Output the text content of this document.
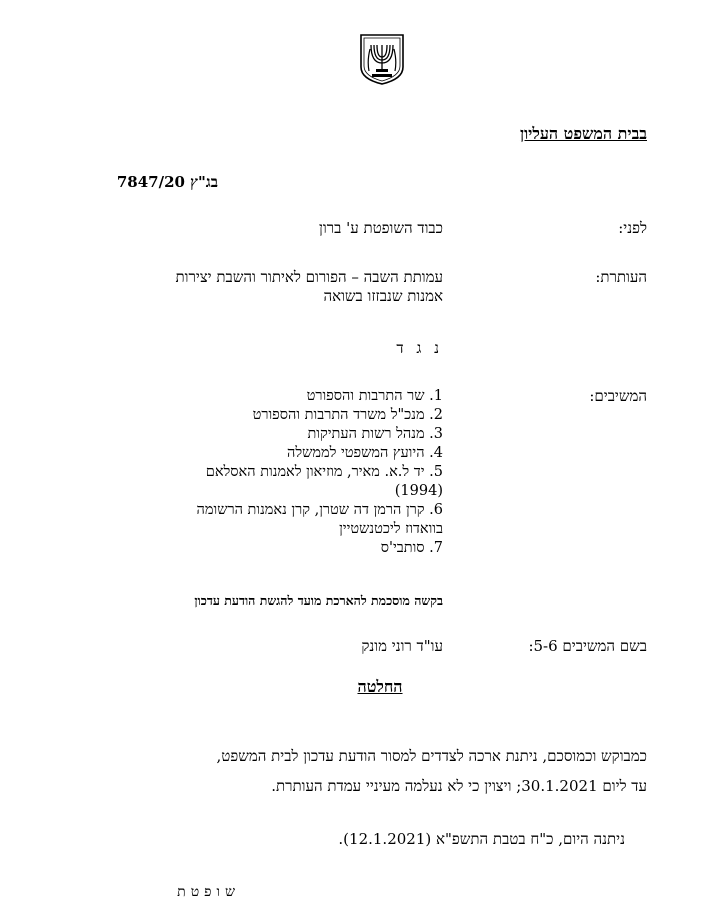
בבית המשפט העליון
בג"ץ 7847/20
לפני:
כבוד השופטת ע' ברון
העותרת:
עמותת השבה – הפורום לאיתור והשבת יצירות
אמנות שנבזזו בשואה
נ ג ד
המשיבים:
1. שר התרבות והספורט
2. מנכ"ל משרד התרבות והספורט
3. מנהל רשות העתיקות
4. היועץ המשפטי לממשלה
5. יד ל.א. מאיר, מוזיאון לאמנות האסלאם
(1994)
6. קרן הרמן דה שטרן, קרן נאמנות הרשומה
בוואדוז ליכטנשטיין
7. סותבי'ס
בקשה מוסכמת להארכת מועד להגשת הודעת עדכון
בשם המשיבים 5-6:
עו"ד רוני מונק
החלטה
כמבוקש וכמוסכם, ניתנת ארכה לצדדים למסור הודעת עדכון לבית המשפט,
עד ליום 30.1.2021; ויצוין כי לא נעלמה מעיניי עמדת העותרת.
ניתנה היום, כ"ח בטבת התשפ"א (12.1.2021).
שופטת
